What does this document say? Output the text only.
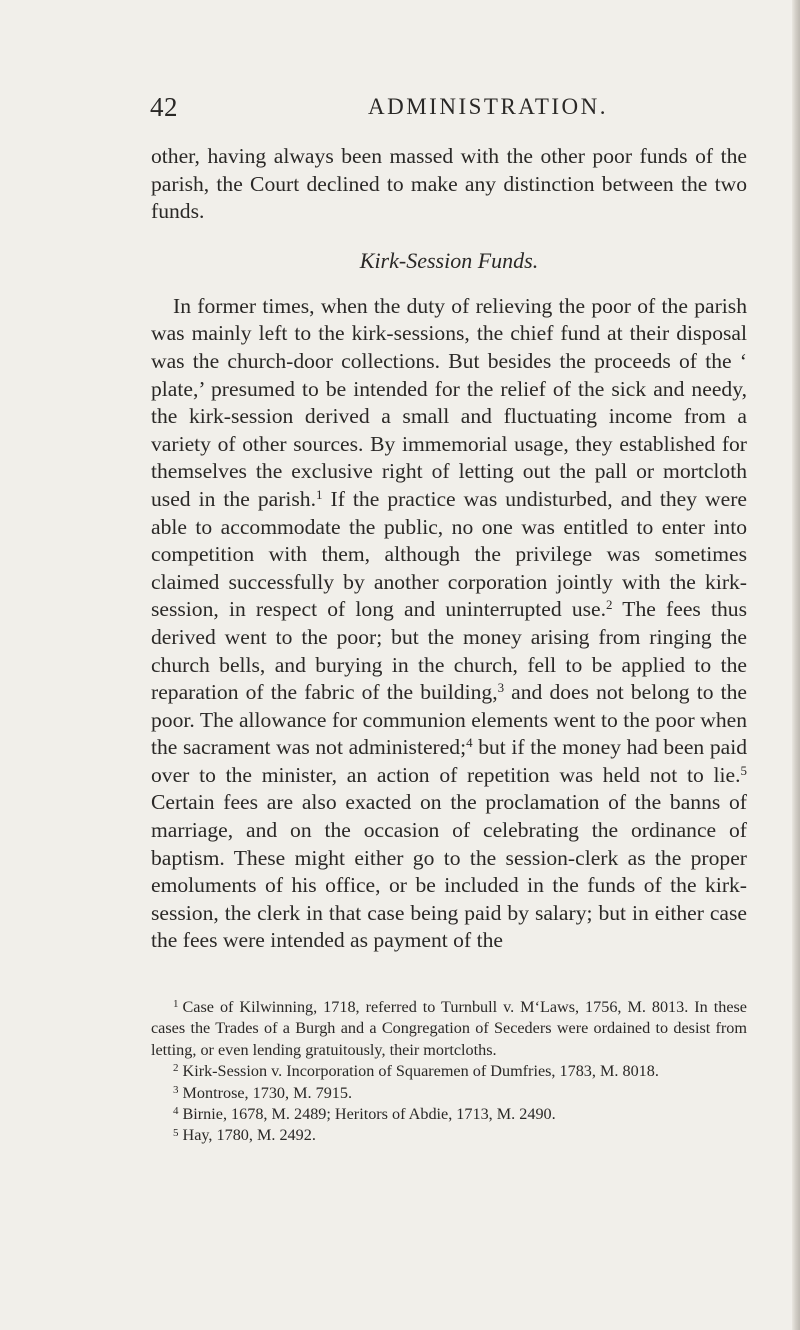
42	ADMINISTRATION.

other, having always been massed with the other poor funds of the parish, the Court declined to make any distinction between the two funds.

Kirk-Session Funds.

In former times, when the duty of relieving the poor of the parish was mainly left to the kirk-sessions, the chief fund at their disposal was the church-door collections. But besides the proceeds of the ‘ plate,’ presumed to be intended for the relief of the sick and needy, the kirk-session derived a small and fluctuating income from a variety of other sources. By immemorial usage, they established for themselves the exclusive right of letting out the pall or mortcloth used in the parish.$^1$ If the practice was undisturbed, and they were able to accommodate the public, no one was entitled to enter into competition with them, although the privilege was sometimes claimed successfully by another corporation jointly with the kirk-session, in respect of long and uninterrupted use.$^2$ The fees thus derived went to the poor; but the money arising from ringing the church bells, and burying in the church, fell to be applied to the reparation of the fabric of the building,$^3$ and does not belong to the poor. The allowance for communion elements went to the poor when the sacrament was not administered;$^4$ but if the money had been paid over to the minister, an action of repetition was held not to lie.$^5$ Certain fees are also exacted on the proclamation of the banns of marriage, and on the occasion of celebrating the ordinance of baptism. These might either go to the session-clerk as the proper emoluments of his office, or be included in the funds of the kirk-session, the clerk in that case being paid by salary; but in either case the fees were intended as payment of the

$^1$ Case of Kilwinning, 1718, referred to Turnbull v. M‘Laws, 1756, M. 8013. In these cases the Trades of a Burgh and a Congregation of Seceders were ordained to desist from letting, or even lending gratuitously, their mortcloths.

$^2$ Kirk-Session v. Incorporation of Squaremen of Dumfries, 1783, M. 8018.

$^3$ Montrose, 1730, M. 7915.

$^4$ Birnie, 1678, M. 2489; Heritors of Abdie, 1713, M. 2490.

$^5$ Hay, 1780, M. 2492.
